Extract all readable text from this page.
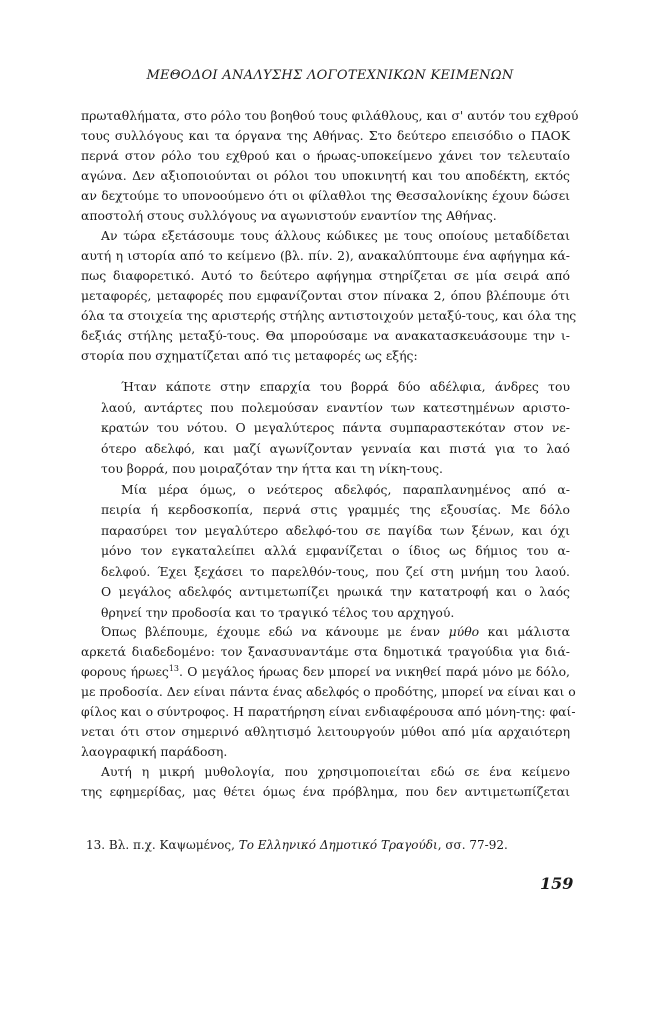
ΜΕΘΟΔΟΙ ΑΝΑΛΥΣΗΣ ΛΟΓΟΤΕΧΝΙΚΩΝ ΚΕΙΜΕΝΩΝ
πρωταθλήματα, στο ρόλο του βοηθού τους φιλάθλους, και σ' αυτόν του εχθρού
τους συλλόγους και τα όργανα της Αθήνας. Στο δεύτερο επεισόδιο ο ΠΑΟΚ
περνά στον ρόλο του εχθρού και ο ήρωας-υποκείμενο χάνει τον τελευταίο
αγώνα. Δεν αξιοποιούνται οι ρόλοι του υποκινητή και του αποδέκτη, εκτός
αν δεχτούμε το υπονοούμενο ότι οι φίλαθλοι της Θεσσαλονίκης έχουν δώσει
αποστολή στους συλλόγους να αγωνιστούν εναντίον της Αθήνας.
Αν τώρα εξετάσουμε τους άλλους κώδικες με τους οποίους μεταδίδεται
αυτή η ιστορία από το κείμενο (βλ. πίν. 2), ανακαλύπτουμε ένα αφήγημα κά-
πως διαφορετικό. Αυτό το δεύτερο αφήγημα στηρίζεται σε μία σειρά από
μεταφορές, μεταφορές που εμφανίζονται στον πίνακα 2, όπου βλέπουμε ότι
όλα τα στοιχεία της αριστερής στήλης αντιστοιχούν μεταξύ-τους, και όλα της
δεξιάς στήλης μεταξύ-τους. Θα μπορούσαμε να ανακατασκευάσουμε την ι-
στορία που σχηματίζεται από τις μεταφορές ως εξής:
Ήταν κάποτε στην επαρχία του βορρά δύο αδέλφια, άνδρες του
λαού, αντάρτες που πολεμούσαν εναντίον των κατεστημένων αριστο-
κρατών του νότου. Ο μεγαλύτερος πάντα συμπαραστεκόταν στον νε-
ότερο αδελφό, και μαζί αγωνίζονταν γενναία και πιστά για το λαό
του βορρά, που μοιραζόταν την ήττα και τη νίκη-τους.
Μία μέρα όμως, ο νεότερος αδελφός, παραπλανημένος από α-
πειρία ή κερδοσκοπία, περνά στις γραμμές της εξουσίας. Με δόλο
παρασύρει τον μεγαλύτερο αδελφό-του σε παγίδα των ξένων, και όχι
μόνο τον εγκαταλείπει αλλά εμφανίζεται ο ίδιος ως δήμιος του α-
δελφού. Έχει ξεχάσει το παρελθόν-τους, που ζεί στη μνήμη του λαού.
Ο μεγάλος αδελφός αντιμετωπίζει ηρωικά την κατατροφή και ο λαός
θρηνεί την προδοσία και το τραγικό τέλος του αρχηγού.
Όπως βλέπουμε, έχουμε εδώ να κάνουμε με έναν μύθο και μάλιστα
αρκετά διαδεδομένο: τον ξανασυναντάμε στα δημοτικά τραγούδια για διά-
φορους ήρωες$^{13}$. Ο μεγάλος ήρωας δεν μπορεί να νικηθεί παρά μόνο με δόλο,
με προδοσία. Δεν είναι πάντα ένας αδελφός ο προδότης, μπορεί να είναι και ο
φίλος και ο σύντροφος. Η παρατήρηση είναι ενδιαφέρουσα από μόνη-της: φαί-
νεται ότι στον σημερινό αθλητισμό λειτουργούν μύθοι από μία αρχαιότερη
λαογραφική παράδοση.
Αυτή η μικρή μυθολογία, που χρησιμοποιείται εδώ σε ένα κείμενο
της εφημερίδας, μας θέτει όμως ένα πρόβλημα, που δεν αντιμετωπίζεται
13. Βλ. π.χ. Καψωμένος, Το Ελληνικό Δημοτικό Τραγούδι, σσ. 77-92.
159
